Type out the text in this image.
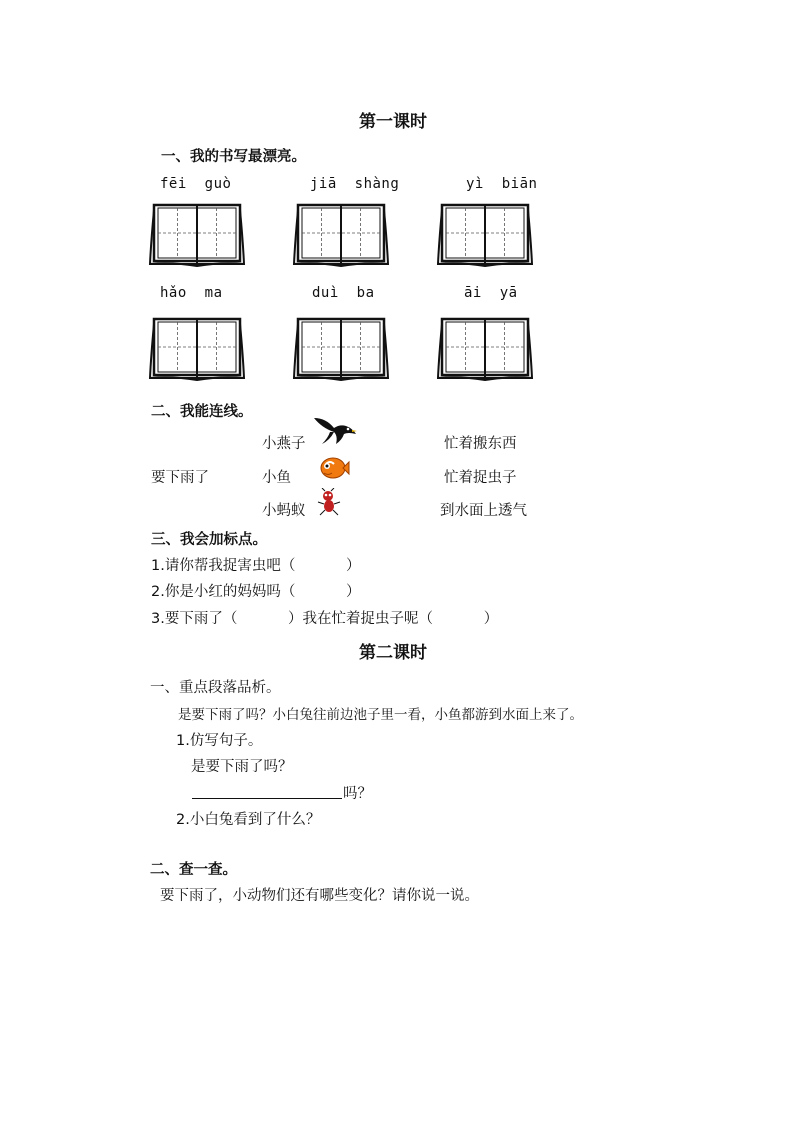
第一课时
一、我的书写最漂亮。
fēi  guò	jiā  shàng	yì  biān
hǎo  ma	duì  ba	āi  yā
二、我能连线。
小燕子
要下雨了	小鱼
小蚂蚁
忙着搬东西
忙着捉虫子
到水面上透气
三、我会加标点。
1.请你帮我捉害虫吧（           ）
2.你是小红的妈妈吗（           ）
3.要下雨了（           ）我在忙着捉虫子呢（           ）
第二课时
一、重点段落品析。
是要下雨了吗？小白兔往前边池子里一看，小鱼都游到水面上来了。
1.仿写句子。
是要下雨了吗？
吗？
2.小白兔看到了什么？
二、查一查。
要下雨了，小动物们还有哪些变化？请你说一说。
